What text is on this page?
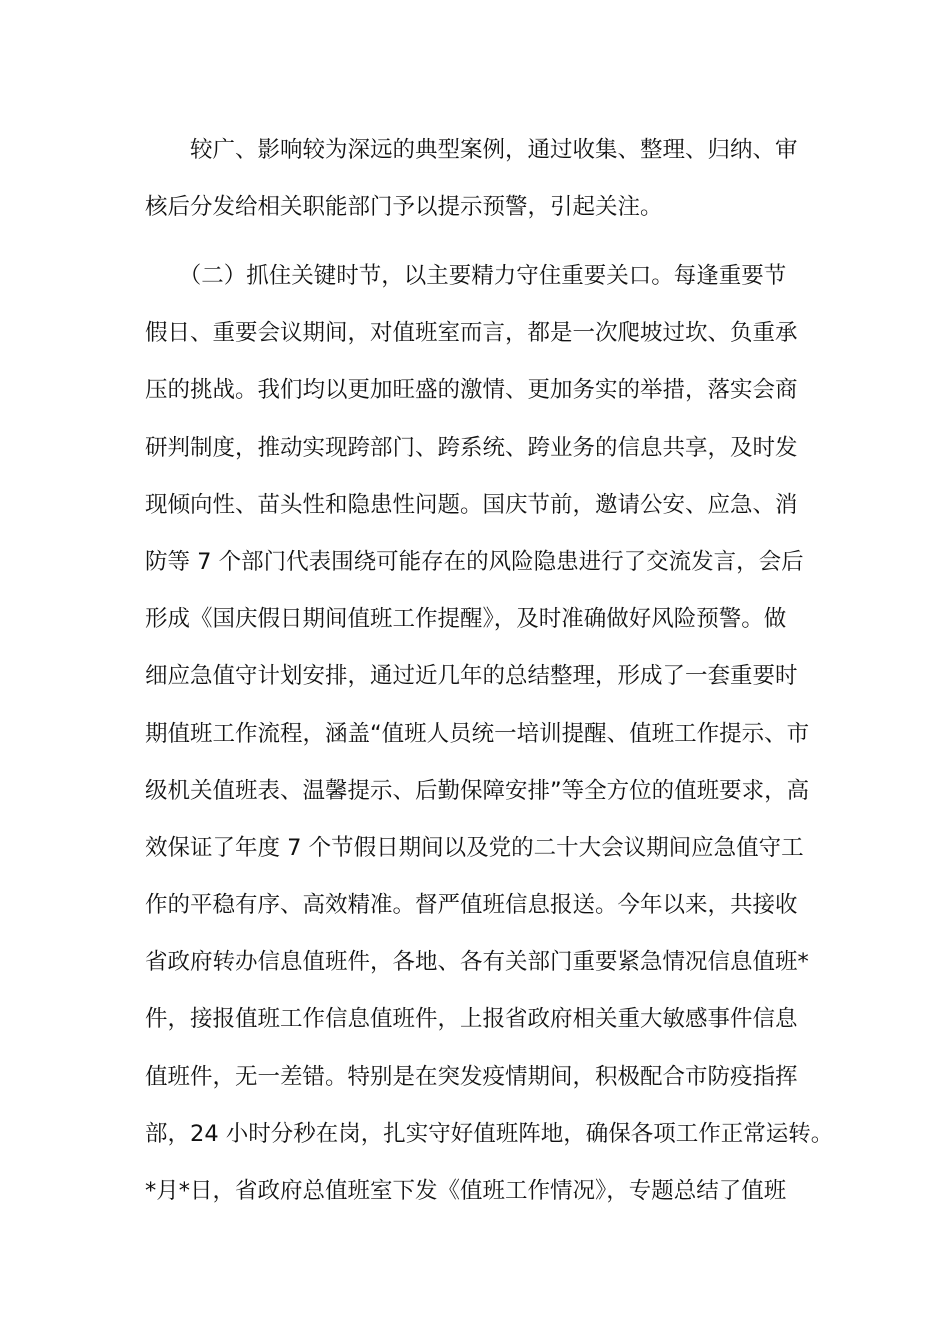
　　较广、影响较为深远的典型案例，通过收集、整理、归纳、审
核后分发给相关职能部门予以提示预警，引起关注。
　　（二）抓住关键时节，以主要精力守住重要关口。每逢重要节
假日、重要会议期间，对值班室而言，都是一次爬坡过坎、负重承
压的挑战。我们均以更加旺盛的激情、更加务实的举措，落实会商
研判制度，推动实现跨部门、跨系统、跨业务的信息共享，及时发
现倾向性、苗头性和隐患性问题。国庆节前，邀请公安、应急、消
防等 7 个部门代表围绕可能存在的风险隐患进行了交流发言，会后
形成《国庆假日期间值班工作提醒》，及时准确做好风险预警。做
细应急值守计划安排，通过近几年的总结整理，形成了一套重要时
期值班工作流程，涵盖“值班人员统一培训提醒、值班工作提示、市
级机关值班表、温馨提示、后勤保障安排”等全方位的值班要求，高
效保证了年度 7 个节假日期间以及党的二十大会议期间应急值守工
作的平稳有序、高效精准。督严值班信息报送。今年以来，共接收
省政府转办信息值班件，各地、各有关部门重要紧急情况信息值班*
件，接报值班工作信息值班件，上报省政府相关重大敏感事件信息
值班件，无一差错。特别是在突发疫情期间，积极配合市防疫指挥
部，24 小时分秒在岗，扎实守好值班阵地，确保各项工作正常运转。
*月*日，省政府总值班室下发《值班工作情况》，专题总结了值班
